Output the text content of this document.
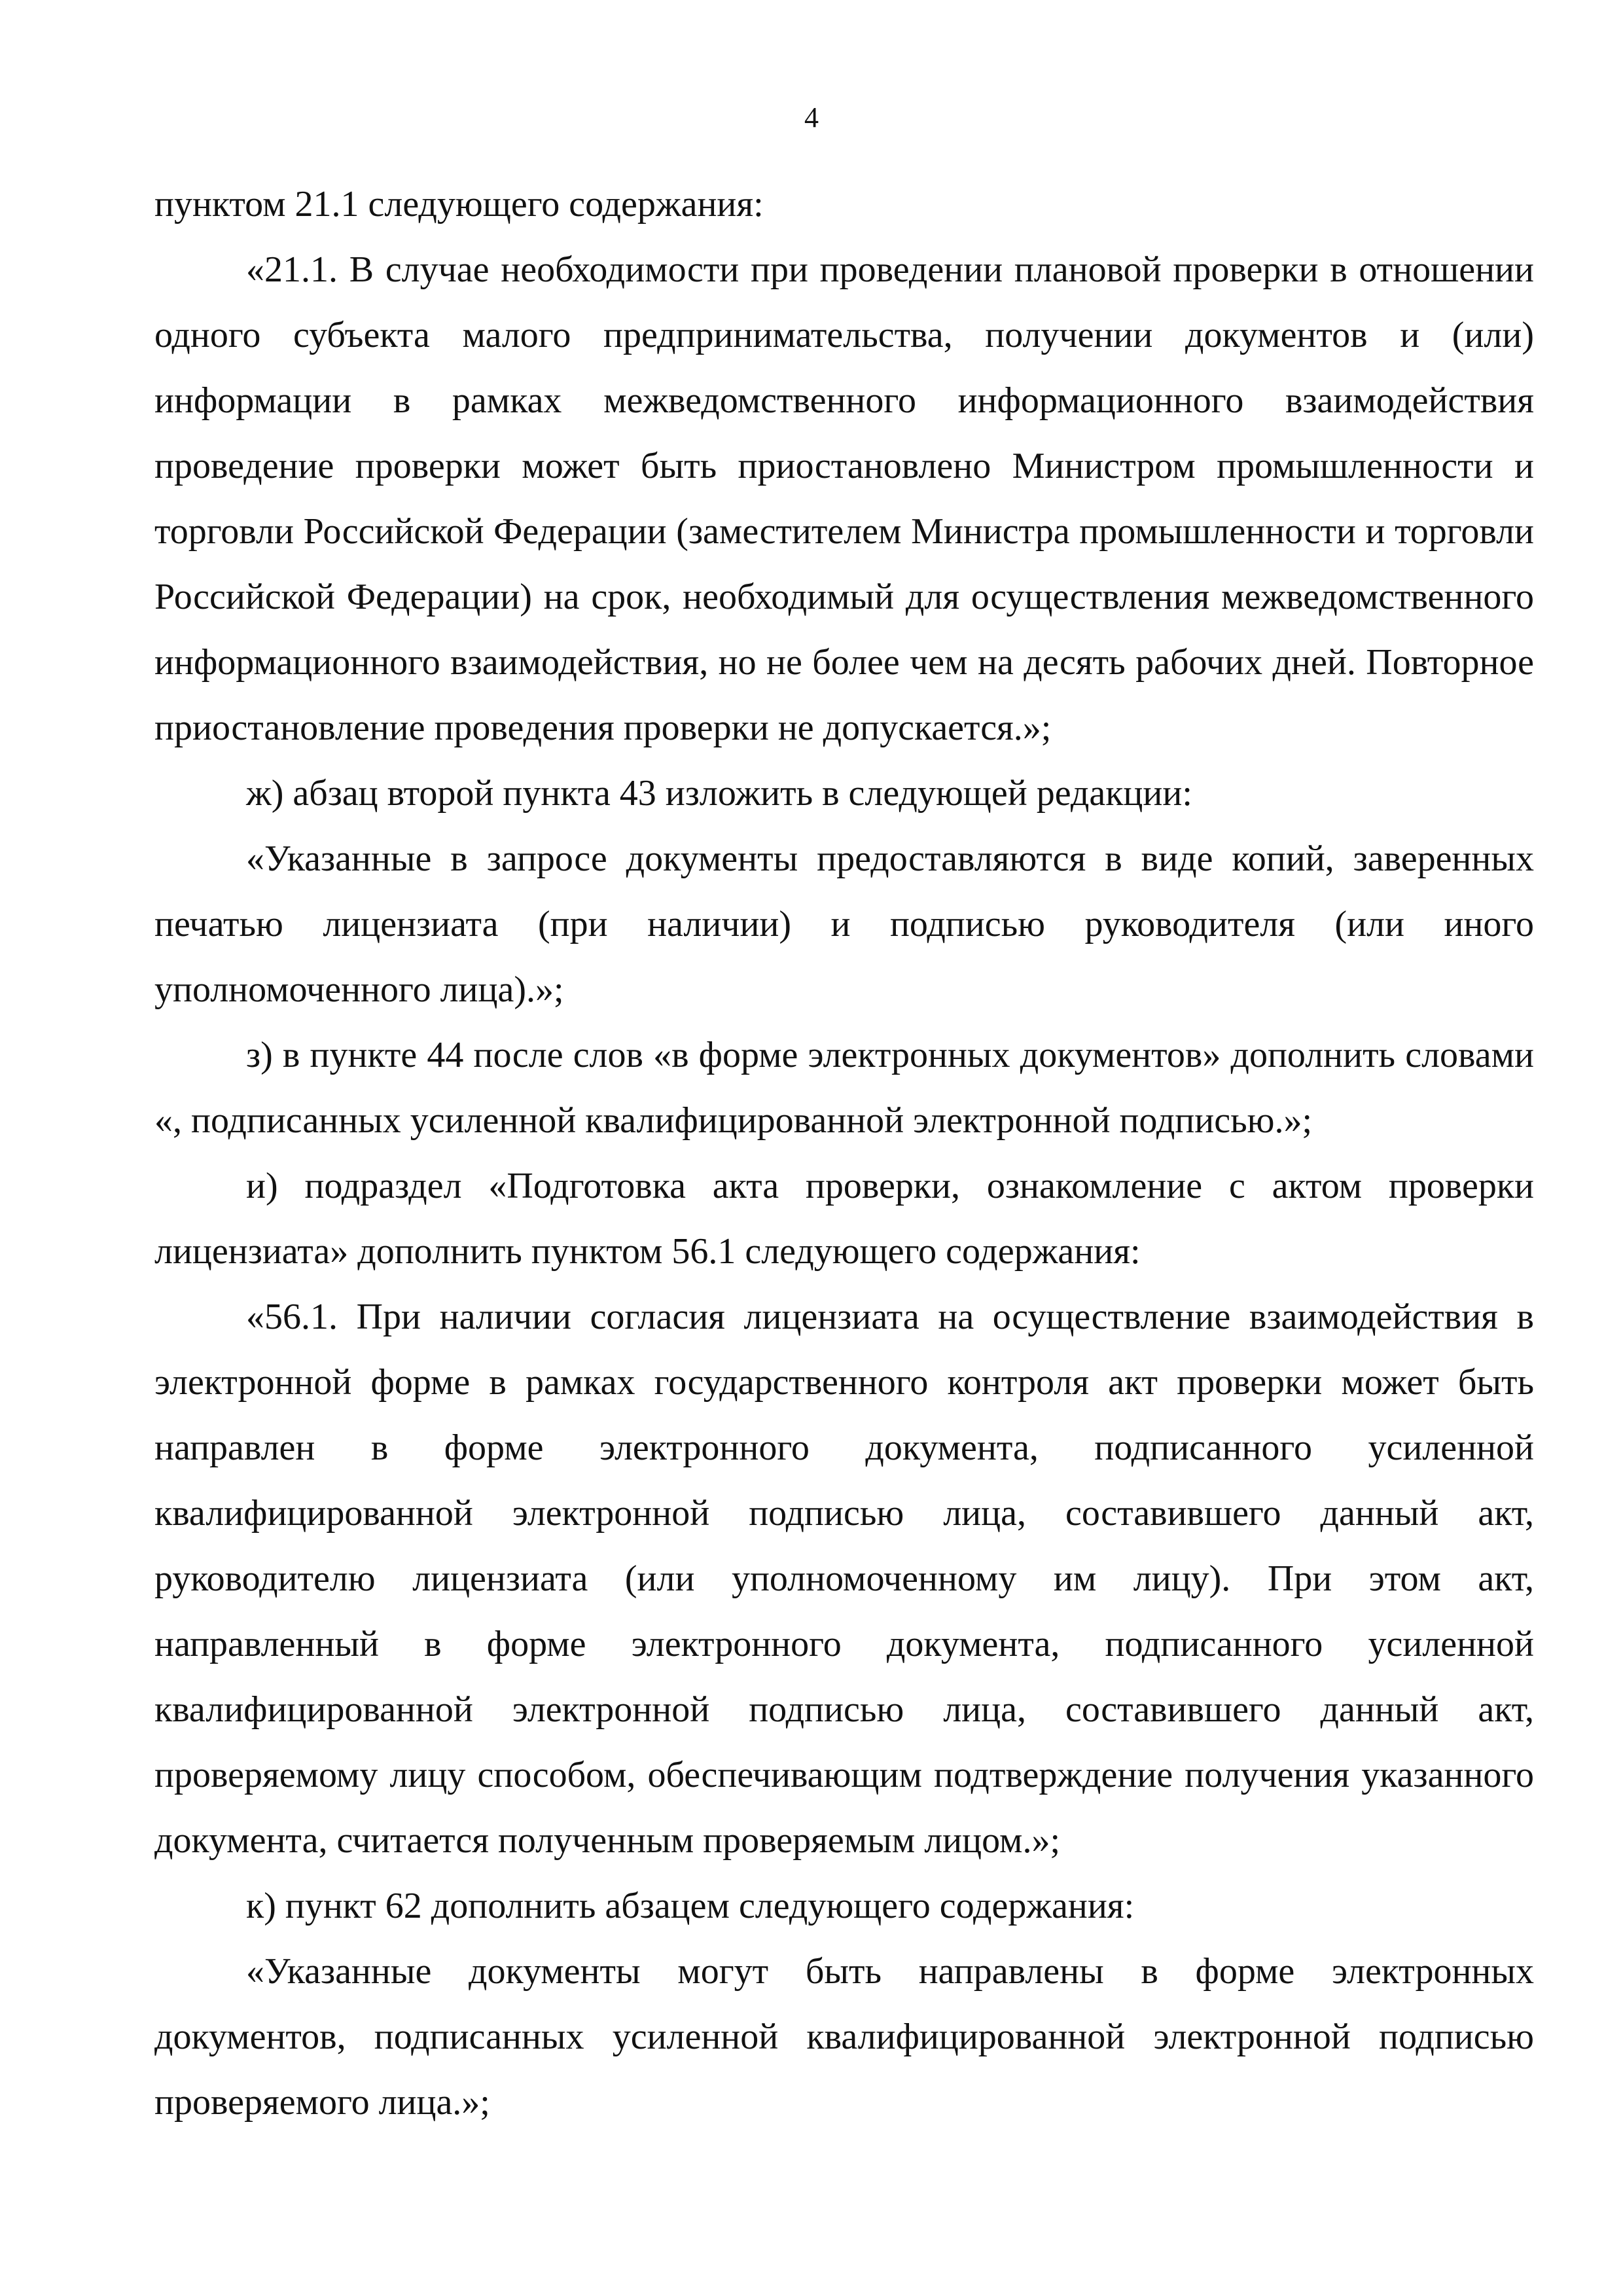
4

пунктом 21.1 следующего содержания:

«21.1. В случае необходимости при проведении плановой проверки в отношении одного субъекта малого предпринимательства, получении документов и (или) информации в рамках межведомственного информационного взаимодействия проведение проверки может быть приостановлено Министром промышленности и торговли Российской Федерации (заместителем Министра промышленности и торговли Российской Федерации) на срок, необходимый для осуществления межведомственного информационного взаимодействия, но не более чем на десять рабочих дней. Повторное приостановление проведения проверки не допускается.»;

ж) абзац второй пункта 43 изложить в следующей редакции:

«Указанные в запросе документы предоставляются в виде копий, заверенных печатью лицензиата (при наличии) и подписью руководителя (или иного уполномоченного лица).»;

з) в пункте 44 после слов «в форме электронных документов» дополнить словами «, подписанных усиленной квалифицированной электронной подписью.»;

и) подраздел «Подготовка акта проверки, ознакомление с актом проверки лицензиата» дополнить пунктом 56.1 следующего содержания:

«56.1. При наличии согласия лицензиата на осуществление взаимодействия в электронной форме в рамках государственного контроля акт проверки может быть направлен в форме электронного документа, подписанного усиленной квалифицированной электронной подписью лица, составившего данный акт, руководителю лицензиата (или уполномоченному им лицу). При этом акт, направленный в форме электронного документа, подписанного усиленной квалифицированной электронной подписью лица, составившего данный акт, проверяемому лицу способом, обеспечивающим подтверждение получения указанного документа, считается полученным проверяемым лицом.»;

к) пункт 62 дополнить абзацем следующего содержания:

«Указанные документы могут быть направлены в форме электронных документов, подписанных усиленной квалифицированной электронной подписью проверяемого лица.»;
